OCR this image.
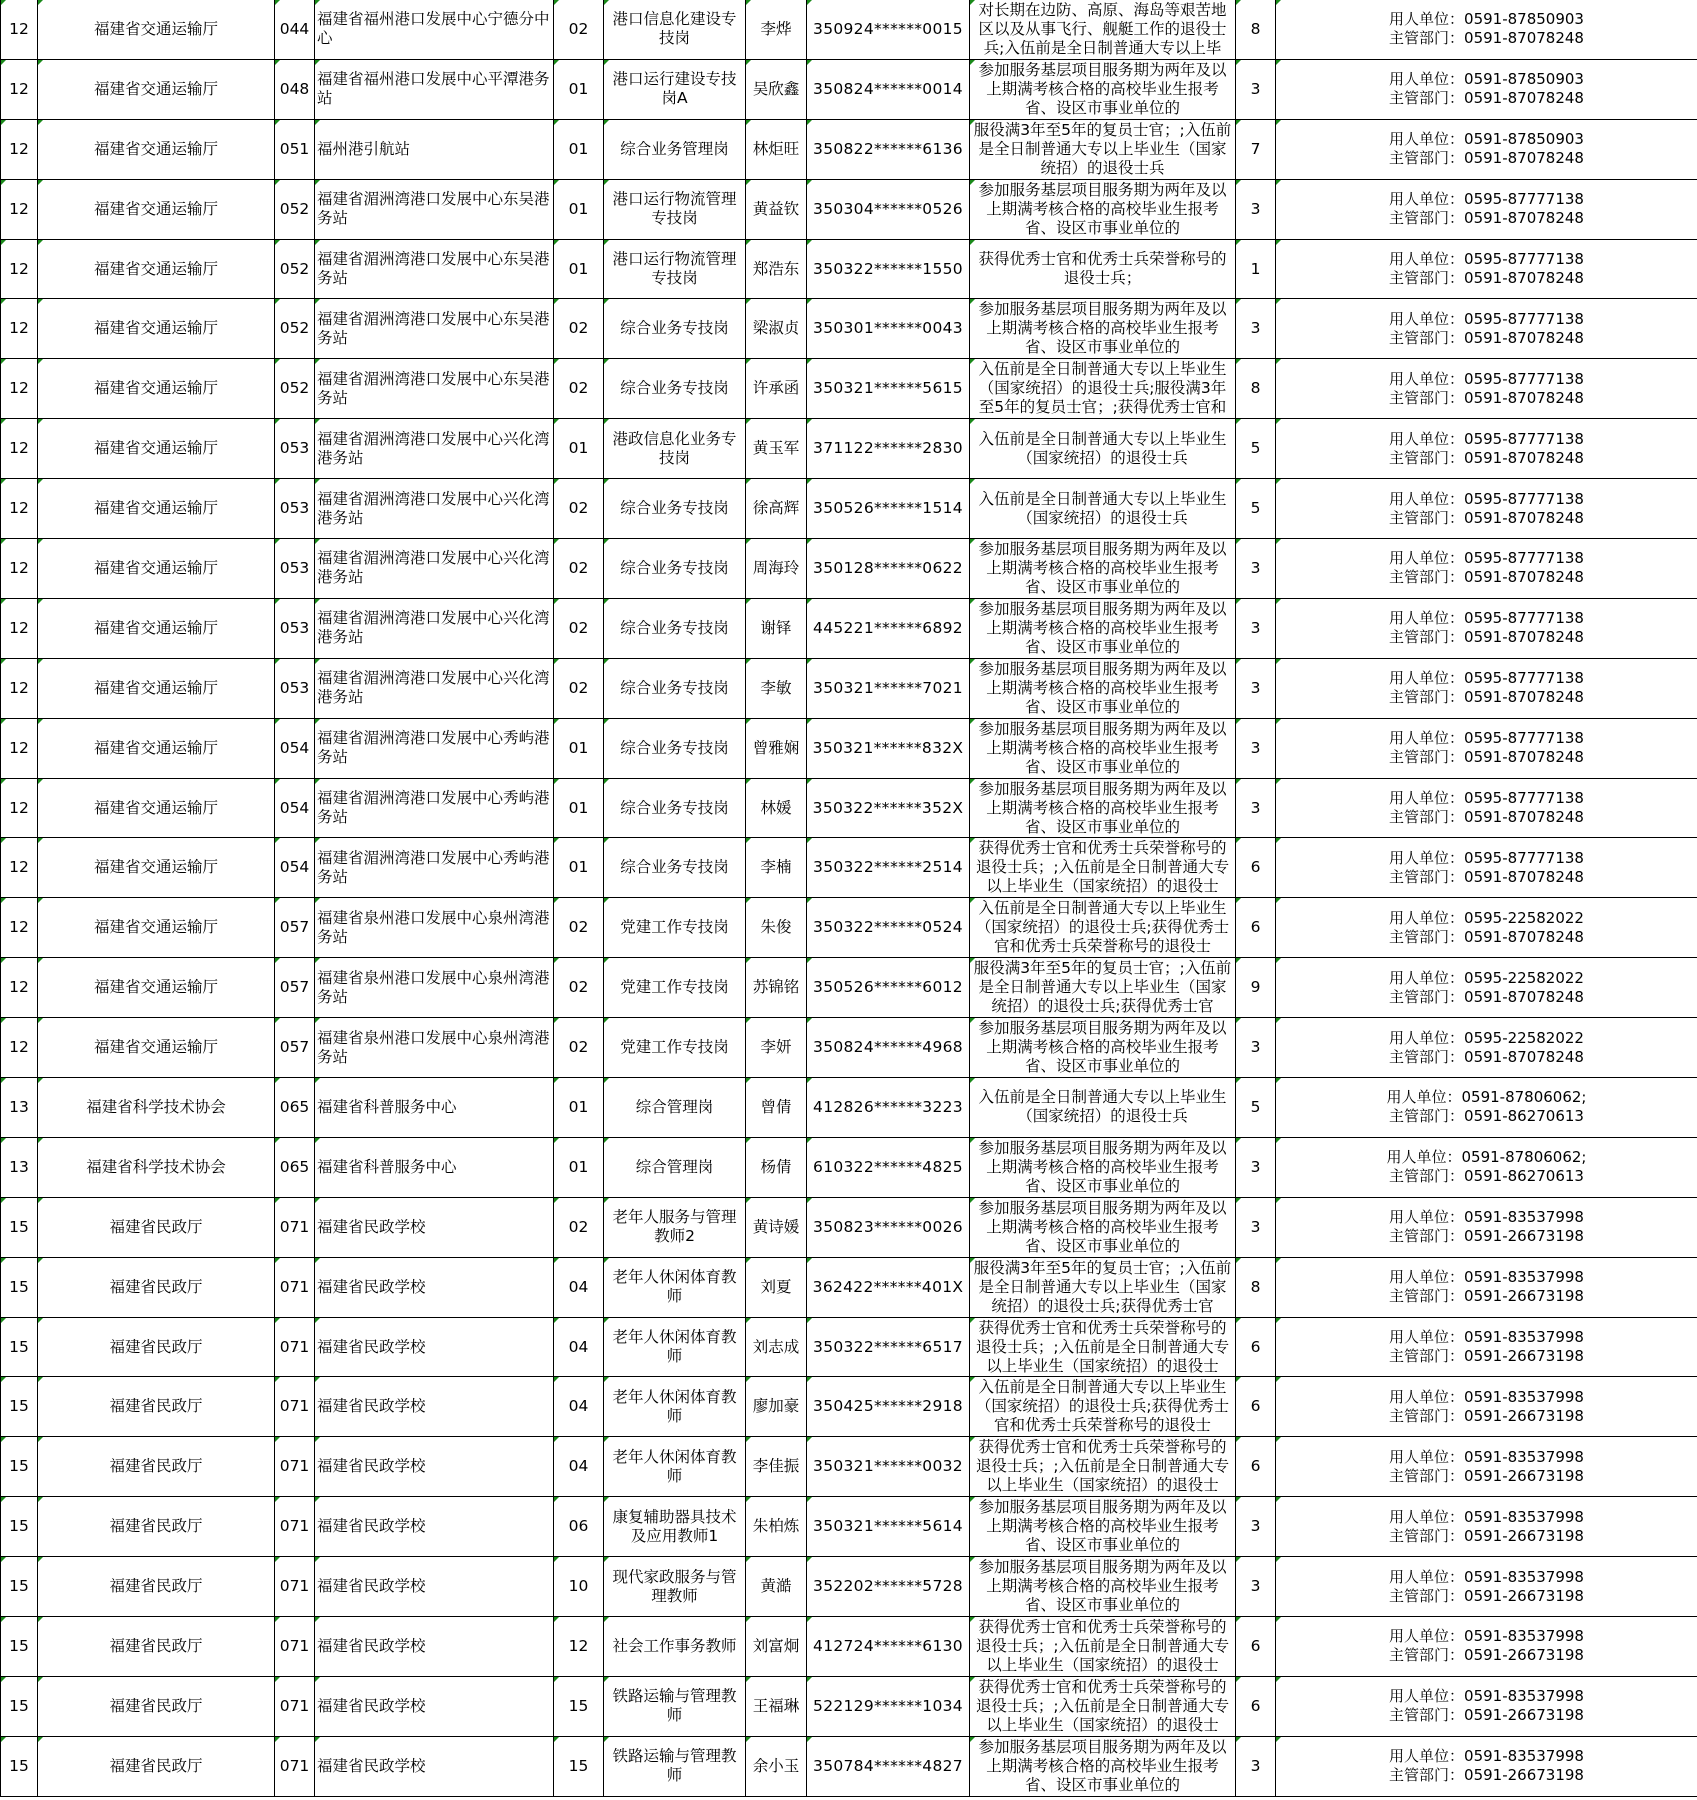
12	福建省交通运输厅	044	福建省福州港口发展中心宁德分中心	02	港口信息化建设专技岗	李烨	350924******0015	对长期在边防、高原、海岛等艰苦地区以及从事飞行、舰艇工作的退役士兵;入伍前是全日制普通大专以上毕	8	用人单位：0591-87850903
主管部门：0591-87078248

12	福建省交通运输厅	048	福建省福州港口发展中心平潭港务站	01	港口运行建设专技岗A	吴欣鑫	350824******0014	参加服务基层项目服务期为两年及以上期满考核合格的高校毕业生报考省、设区市事业单位的	3	用人单位：0591-87850903
主管部门：0591-87078248

12	福建省交通运输厅	051	福州港引航站	01	综合业务管理岗	林炬旺	350822******6136	服役满3年至5年的复员士官；;入伍前是全日制普通大专以上毕业生（国家统招）的退役士兵	7	用人单位：0591-87850903
主管部门：0591-87078248

12	福建省交通运输厅	052	福建省湄洲湾港口发展中心东吴港务站	01	港口运行物流管理专技岗	黄益钦	350304******0526	参加服务基层项目服务期为两年及以上期满考核合格的高校毕业生报考省、设区市事业单位的	3	用人单位：0595-87777138
主管部门：0591-87078248

12	福建省交通运输厅	052	福建省湄洲湾港口发展中心东吴港务站	01	港口运行物流管理专技岗	郑浩东	350322******1550	获得优秀士官和优秀士兵荣誉称号的退役士兵；	1	用人单位：0595-87777138
主管部门：0591-87078248

12	福建省交通运输厅	052	福建省湄洲湾港口发展中心东吴港务站	02	综合业务专技岗	梁淑贞	350301******0043	参加服务基层项目服务期为两年及以上期满考核合格的高校毕业生报考省、设区市事业单位的	3	用人单位：0595-87777138
主管部门：0591-87078248

12	福建省交通运输厅	052	福建省湄洲湾港口发展中心东吴港务站	02	综合业务专技岗	许承函	350321******5615	入伍前是全日制普通大专以上毕业生（国家统招）的退役士兵;服役满3年至5年的复员士官；;获得优秀士官和	8	用人单位：0595-87777138
主管部门：0591-87078248

12	福建省交通运输厅	053	福建省湄洲湾港口发展中心兴化湾港务站	01	港政信息化业务专技岗	黄玉军	371122******2830	入伍前是全日制普通大专以上毕业生（国家统招）的退役士兵	5	用人单位：0595-87777138
主管部门：0591-87078248

12	福建省交通运输厅	053	福建省湄洲湾港口发展中心兴化湾港务站	02	综合业务专技岗	徐高辉	350526******1514	入伍前是全日制普通大专以上毕业生（国家统招）的退役士兵	5	用人单位：0595-87777138
主管部门：0591-87078248

12	福建省交通运输厅	053	福建省湄洲湾港口发展中心兴化湾港务站	02	综合业务专技岗	周海玲	350128******0622	参加服务基层项目服务期为两年及以上期满考核合格的高校毕业生报考省、设区市事业单位的	3	用人单位：0595-87777138
主管部门：0591-87078248

12	福建省交通运输厅	053	福建省湄洲湾港口发展中心兴化湾港务站	02	综合业务专技岗	谢铎	445221******6892	参加服务基层项目服务期为两年及以上期满考核合格的高校毕业生报考省、设区市事业单位的	3	用人单位：0595-87777138
主管部门：0591-87078248

12	福建省交通运输厅	053	福建省湄洲湾港口发展中心兴化湾港务站	02	综合业务专技岗	李敏	350321******7021	参加服务基层项目服务期为两年及以上期满考核合格的高校毕业生报考省、设区市事业单位的	3	用人单位：0595-87777138
主管部门：0591-87078248

12	福建省交通运输厅	054	福建省湄洲湾港口发展中心秀屿港务站	01	综合业务专技岗	曾雅娴	350321******832X	参加服务基层项目服务期为两年及以上期满考核合格的高校毕业生报考省、设区市事业单位的	3	用人单位：0595-87777138
主管部门：0591-87078248

12	福建省交通运输厅	054	福建省湄洲湾港口发展中心秀屿港务站	01	综合业务专技岗	林媛	350322******352X	参加服务基层项目服务期为两年及以上期满考核合格的高校毕业生报考省、设区市事业单位的	3	用人单位：0595-87777138
主管部门：0591-87078248

12	福建省交通运输厅	054	福建省湄洲湾港口发展中心秀屿港务站	01	综合业务专技岗	李楠	350322******2514	获得优秀士官和优秀士兵荣誉称号的退役士兵；;入伍前是全日制普通大专以上毕业生（国家统招）的退役士	6	用人单位：0595-87777138
主管部门：0591-87078248

12	福建省交通运输厅	057	福建省泉州港口发展中心泉州湾港务站	02	党建工作专技岗	朱俊	350322******0524	入伍前是全日制普通大专以上毕业生（国家统招）的退役士兵;获得优秀士官和优秀士兵荣誉称号的退役士	6	用人单位：0595-22582022
主管部门：0591-87078248

12	福建省交通运输厅	057	福建省泉州港口发展中心泉州湾港务站	02	党建工作专技岗	苏锦铭	350526******6012	服役满3年至5年的复员士官；;入伍前是全日制普通大专以上毕业生（国家统招）的退役士兵;获得优秀士官	9	用人单位：0595-22582022
主管部门：0591-87078248

12	福建省交通运输厅	057	福建省泉州港口发展中心泉州湾港务站	02	党建工作专技岗	李妍	350824******4968	参加服务基层项目服务期为两年及以上期满考核合格的高校毕业生报考省、设区市事业单位的	3	用人单位：0595-22582022
主管部门：0591-87078248

13	福建省科学技术协会	065	福建省科普服务中心	01	综合管理岗	曾倩	412826******3223	入伍前是全日制普通大专以上毕业生（国家统招）的退役士兵	5	用人单位：0591-87806062;
主管部门：0591-86270613

13	福建省科学技术协会	065	福建省科普服务中心	01	综合管理岗	杨倩	610322******4825	参加服务基层项目服务期为两年及以上期满考核合格的高校毕业生报考省、设区市事业单位的	3	用人单位：0591-87806062;
主管部门：0591-86270613

15	福建省民政厅	071	福建省民政学校	02	老年人服务与管理教师2	黄诗媛	350823******0026	参加服务基层项目服务期为两年及以上期满考核合格的高校毕业生报考省、设区市事业单位的	3	用人单位：0591-83537998
主管部门：0591-26673198

15	福建省民政厅	071	福建省民政学校	04	老年人休闲体育教师	刘夏	362422******401X	服役满3年至5年的复员士官；;入伍前是全日制普通大专以上毕业生（国家统招）的退役士兵;获得优秀士官	8	用人单位：0591-83537998
主管部门：0591-26673198

15	福建省民政厅	071	福建省民政学校	04	老年人休闲体育教师	刘志成	350322******6517	获得优秀士官和优秀士兵荣誉称号的退役士兵；;入伍前是全日制普通大专以上毕业生（国家统招）的退役士	6	用人单位：0591-83537998
主管部门：0591-26673198

15	福建省民政厅	071	福建省民政学校	04	老年人休闲体育教师	廖加豪	350425******2918	入伍前是全日制普通大专以上毕业生（国家统招）的退役士兵;获得优秀士官和优秀士兵荣誉称号的退役士	6	用人单位：0591-83537998
主管部门：0591-26673198

15	福建省民政厅	071	福建省民政学校	04	老年人休闲体育教师	李佳振	350321******0032	获得优秀士官和优秀士兵荣誉称号的退役士兵；;入伍前是全日制普通大专以上毕业生（国家统招）的退役士	6	用人单位：0591-83537998
主管部门：0591-26673198

15	福建省民政厅	071	福建省民政学校	06	康复辅助器具技术及应用教师1	朱柏炼	350321******5614	参加服务基层项目服务期为两年及以上期满考核合格的高校毕业生报考省、设区市事业单位的	3	用人单位：0591-83537998
主管部门：0591-26673198

15	福建省民政厅	071	福建省民政学校	10	现代家政服务与管理教师	黄澔	352202******5728	参加服务基层项目服务期为两年及以上期满考核合格的高校毕业生报考省、设区市事业单位的	3	用人单位：0591-83537998
主管部门：0591-26673198

15	福建省民政厅	071	福建省民政学校	12	社会工作事务教师	刘富炯	412724******6130	获得优秀士官和优秀士兵荣誉称号的退役士兵；;入伍前是全日制普通大专以上毕业生（国家统招）的退役士	6	用人单位：0591-83537998
主管部门：0591-26673198

15	福建省民政厅	071	福建省民政学校	15	铁路运输与管理教师	王福琳	522129******1034	获得优秀士官和优秀士兵荣誉称号的退役士兵；;入伍前是全日制普通大专以上毕业生（国家统招）的退役士	6	用人单位：0591-83537998
主管部门：0591-26673198

15	福建省民政厅	071	福建省民政学校	15	铁路运输与管理教师	余小玉	350784******4827	参加服务基层项目服务期为两年及以上期满考核合格的高校毕业生报考省、设区市事业单位的	3	用人单位：0591-83537998
主管部门：0591-26673198
